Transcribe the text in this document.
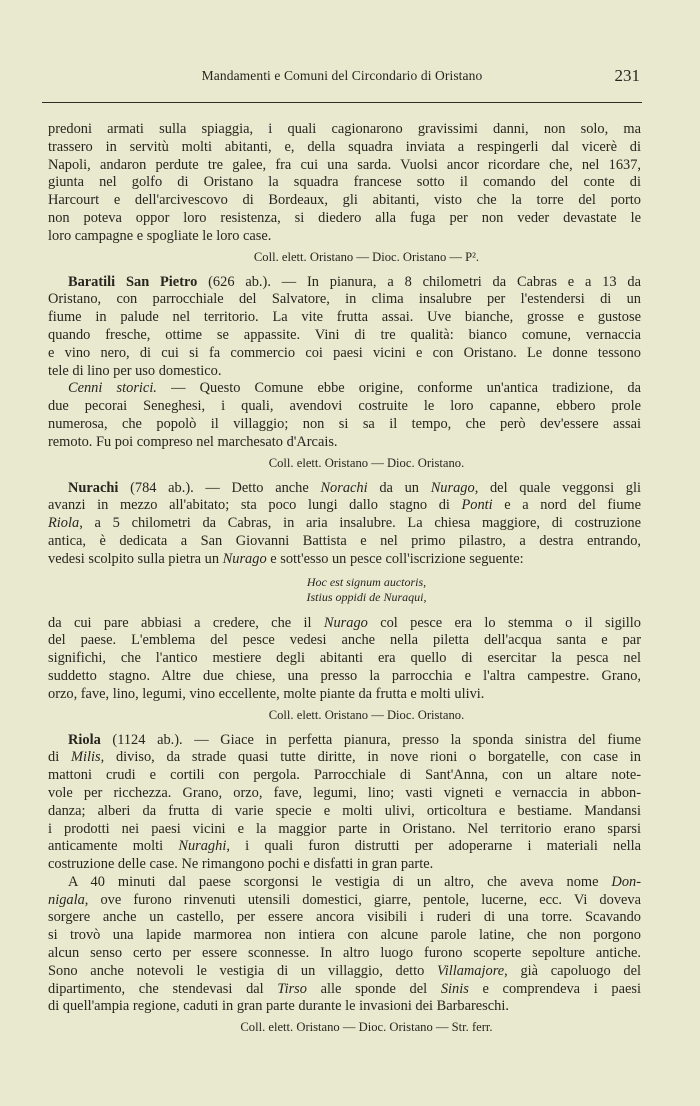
Mandamenti e Comuni del Circondario di Oristano	231
predoni armati sulla spiaggia, i quali cagionarono gravissimi danni, non solo, ma
trassero in servitù molti abitanti, e, della squadra inviata a respingerli dal vicerè di
Napoli, andaron perdute tre galee, fra cui una sarda. Vuolsi ancor ricordare che, nel 1637,
giunta nel golfo di Oristano la squadra francese sotto il comando del conte di
Harcourt e dell'arcivescovo di Bordeaux, gli abitanti, visto che la torre del porto
non poteva oppor loro resistenza, si diedero alla fuga per non veder devastate le
loro campagne e spogliate le loro case.
Coll. elett. Oristano — Dioc. Oristano — P².
Baratili San Pietro (626 ab.). — In pianura, a 8 chilometri da Cabras e a 13 da
Oristano, con parrocchiale del Salvatore, in clima insalubre per l'estendersi di un
fiume in palude nel territorio. La vite frutta assai. Uve bianche, grosse e gustose
quando fresche, ottime se appassite. Vini di tre qualità: bianco comune, vernaccia
e vino nero, di cui si fa commercio coi paesi vicini e con Oristano. Le donne tessono
tele di lino per uso domestico.
Cenni storici. — Questo Comune ebbe origine, conforme un'antica tradizione, da
due pecorai Seneghesi, i quali, avendovi costruite le loro capanne, ebbero prole
numerosa, che popolò il villaggio; non si sa il tempo, che però dev'essere assai
remoto. Fu poi compreso nel marchesato d'Arcais.
Coll. elett. Oristano — Dioc. Oristano.
Nurachi (784 ab.). — Detto anche Norachi da un Nurago, del quale veggonsi gli
avanzi in mezzo all'abitato; sta poco lungi dallo stagno di Ponti e a nord del fiume
Riola, a 5 chilometri da Cabras, in aria insalubre. La chiesa maggiore, di costruzione
antica, è dedicata a San Giovanni Battista e nel primo pilastro, a destra entrando,
vedesi scolpito sulla pietra un Nurago e sott'esso un pesce coll'iscrizione seguente:
Hoc est signum auctoris,
Istius oppidi de Nuraqui,
da cui pare abbiasi a credere, che il Nurago col pesce era lo stemma o il sigillo
del paese. L'emblema del pesce vedesi anche nella piletta dell'acqua santa e par
significhi, che l'antico mestiere degli abitanti era quello di esercitar la pesca nel
suddetto stagno. Altre due chiese, una presso la parrocchia e l'altra campestre. Grano,
orzo, fave, lino, legumi, vino eccellente, molte piante da frutta e molti ulivi.
Coll. elett. Oristano — Dioc. Oristano.
Riola (1124 ab.). — Giace in perfetta pianura, presso la sponda sinistra del fiume
di Milis, diviso, da strade quasi tutte diritte, in nove rioni o borgatelle, con case in
mattoni crudi e cortili con pergola. Parrocchiale di Sant'Anna, con un altare note-
vole per ricchezza. Grano, orzo, fave, legumi, lino; vasti vigneti e vernaccia in abbon-
danza; alberi da frutta di varie specie e molti ulivi, orticoltura e bestiame. Mandansi
i prodotti nei paesi vicini e la maggior parte in Oristano. Nel territorio erano sparsi
anticamente molti Nuraghi, i quali furon distrutti per adoperarne i materiali nella
costruzione delle case. Ne rimangono pochi e disfatti in gran parte.
A 40 minuti dal paese scorgonsi le vestigia di un altro, che aveva nome Don-
nigala, ove furono rinvenuti utensili domestici, giarre, pentole, lucerne, ecc. Vi doveva
sorgere anche un castello, per essere ancora visibili i ruderi di una torre. Scavando
si trovò una lapide marmorea non intiera con alcune parole latine, che non porgono
alcun senso certo per essere sconnesse. In altro luogo furono scoperte sepolture antiche.
Sono anche notevoli le vestigia di un villaggio, detto Villamajore, già capoluogo del
dipartimento, che stendevasi dal Tirso alle sponde del Sinis e comprendeva i paesi
di quell'ampia regione, caduti in gran parte durante le invasioni dei Barbareschi.
Coll. elett. Oristano — Dioc. Oristano — Str. ferr.
